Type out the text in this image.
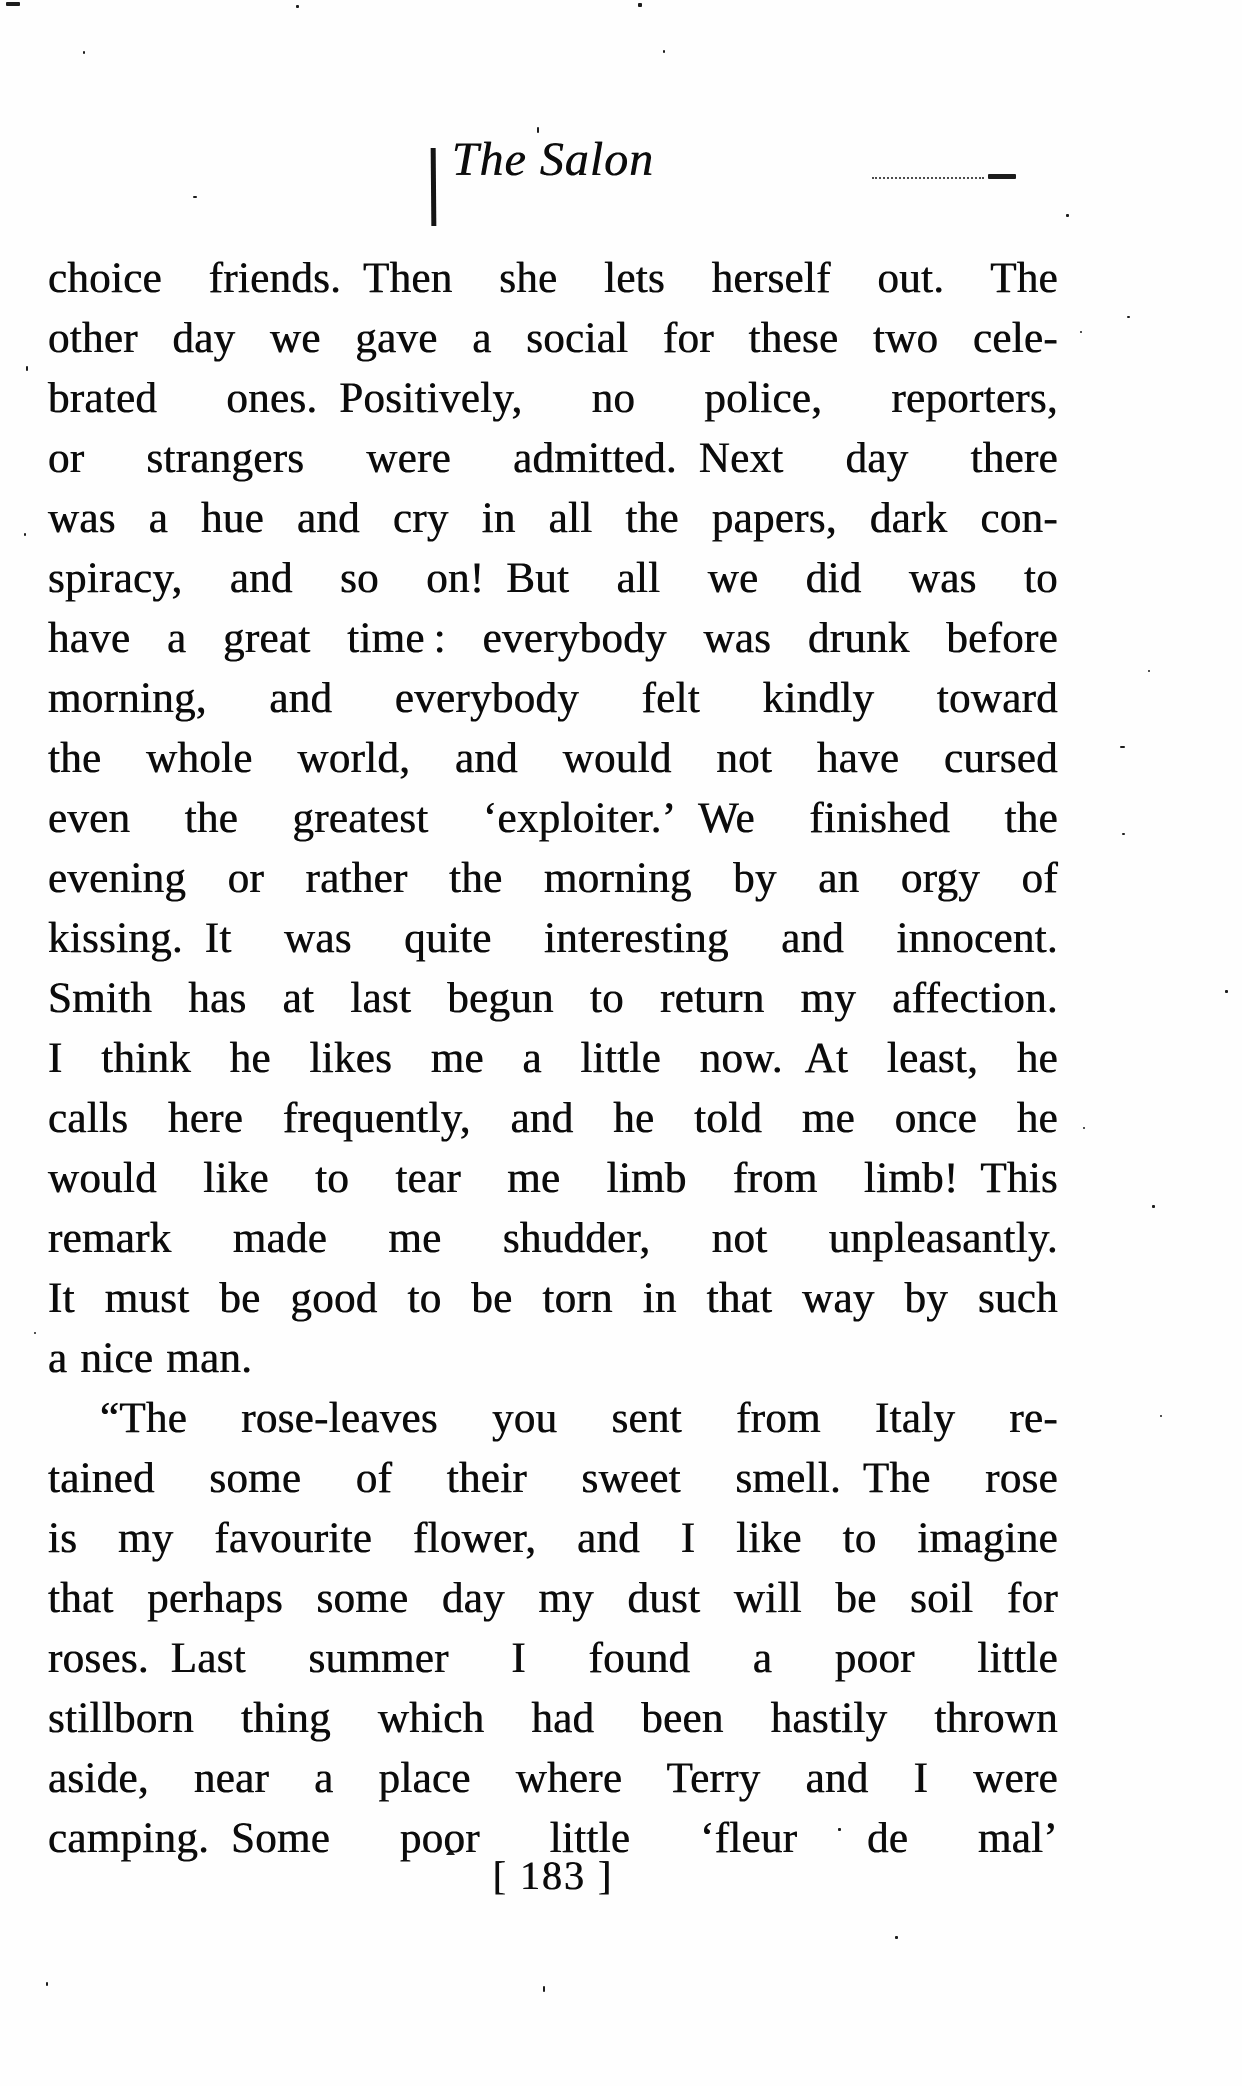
The Salon
choice friends. Then she lets herself out. The
other day we gave a social for these two cele-
brated ones. Positively, no police, reporters,
or strangers were admitted. Next day there
was a hue and cry in all the papers, dark con-
spiracy, and so on! But all we did was to
have a great time : everybody was drunk before
morning, and everybody felt kindly toward
the whole world, and would not have cursed
even the greatest ‘exploiter.’ We finished the
evening or rather the morning by an orgy of
kissing. It was quite interesting and innocent.
Smith has at last begun to return my affection.
I think he likes me a little now. At least, he
calls here frequently, and he told me once he
would like to tear me limb from limb! This
remark made me shudder, not unpleasantly.
It must be good to be torn in that way by such
a nice man.
“The rose-leaves you sent from Italy re-
tained some of their sweet smell. The rose
is my favourite flower, and I like to imagine
that perhaps some day my dust will be soil for
roses. Last summer I found a poor little
stillborn thing which had been hastily thrown
aside, near a place where Terry and I were
camping. Some poor little ‘fleur de mal’
[ 183 ]
